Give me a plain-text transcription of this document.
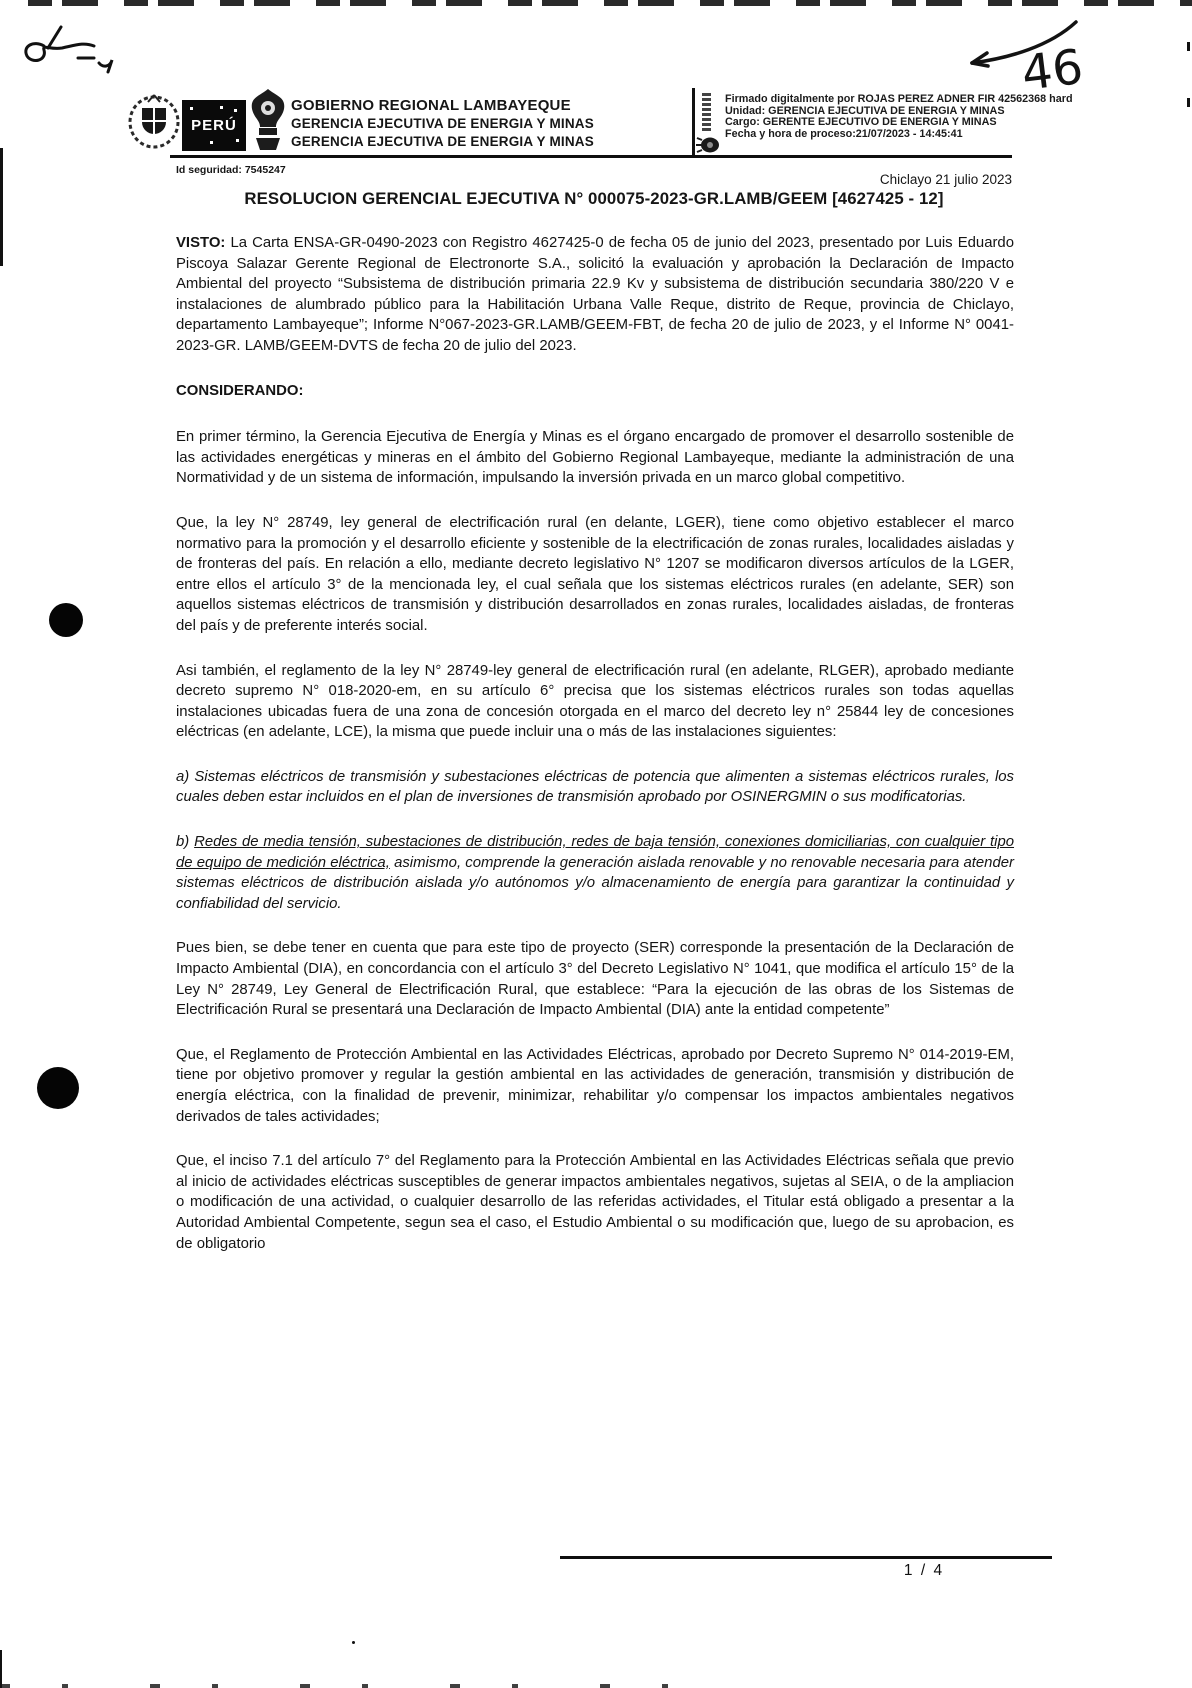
46
PERÚ
GOBIERNO REGIONAL LAMBAYEQUE
GERENCIA EJECUTIVA DE ENERGIA Y MINAS
GERENCIA EJECUTIVA DE ENERGIA Y MINAS
Firmado digitalmente por ROJAS PEREZ ADNER FIR 42562368 hard
Unidad: GERENCIA EJECUTIVA DE ENERGIA Y MINAS
Cargo: GERENTE EJECUTIVO DE ENERGIA Y MINAS
Fecha y hora de proceso:21/07/2023 - 14:45:41
Id seguridad: 7545247
Chiclayo 21 julio 2023
RESOLUCION GERENCIAL EJECUTIVA N° 000075-2023-GR.LAMB/GEEM [4627425 - 12]

VISTO: La Carta ENSA-GR-0490-2023 con Registro 4627425-0 de fecha 05 de junio del 2023, presentado por Luis Eduardo Piscoya Salazar Gerente Regional de Electronorte S.A., solicitó la evaluación y aprobación la Declaración de Impacto Ambiental del proyecto “Subsistema de distribución primaria 22.9 Kv y subsistema de distribución secundaria 380/220 V e instalaciones de alumbrado público para la Habilitación Urbana Valle Reque, distrito de Reque, provincia de Chiclayo, departamento Lambayeque”; Informe N°067-2023-GR.LAMB/GEEM-FBT, de fecha 20 de julio de 2023, y el Informe N° 0041-2023-GR. LAMB/GEEM-DVTS de fecha 20 de julio del 2023.

CONSIDERANDO:

En primer término, la Gerencia Ejecutiva de Energía y Minas es el órgano encargado de promover el desarrollo sostenible de las actividades energéticas y mineras en el ámbito del Gobierno Regional Lambayeque, mediante la administración de una Normatividad y de un sistema de información, impulsando la inversión privada en un marco global competitivo.

Que, la ley N° 28749, ley general de electrificación rural (en delante, LGER), tiene como objetivo establecer el marco normativo para la promoción y el desarrollo eficiente y sostenible de la electrificación de zonas rurales, localidades aisladas y de fronteras del país. En relación a ello, mediante decreto legislativo N° 1207 se modificaron diversos artículos de la LGER, entre ellos el artículo 3° de la mencionada ley, el cual señala que los sistemas eléctricos rurales (en adelante, SER) son aquellos sistemas eléctricos de transmisión y distribución desarrollados en zonas rurales, localidades aisladas, de fronteras del país y de preferente interés social.

Asi también, el reglamento de la ley N° 28749-ley general de electrificación rural (en adelante, RLGER), aprobado mediante decreto supremo N° 018-2020-em, en su artículo 6° precisa que los sistemas eléctricos rurales son todas aquellas instalaciones ubicadas fuera de una zona de concesión otorgada en el marco del decreto ley n° 25844 ley de concesiones eléctricas (en adelante, LCE), la misma que puede incluir una o más de las instalaciones siguientes:

a) Sistemas eléctricos de transmisión y subestaciones eléctricas de potencia que alimenten a sistemas eléctricos rurales, los cuales deben estar incluidos en el plan de inversiones de transmisión aprobado por OSINERGMIN o sus modificatorias.

b) Redes de media tensión, subestaciones de distribución, redes de baja tensión, conexiones domiciliarias, con cualquier tipo de equipo de medición eléctrica, asimismo, comprende la generación aislada renovable y no renovable necesaria para atender sistemas eléctricos de distribución aislada y/o autónomos y/o almacenamiento de energía para garantizar la continuidad y confiabilidad del servicio.

Pues bien, se debe tener en cuenta que para este tipo de proyecto (SER) corresponde la presentación de la Declaración de Impacto Ambiental (DIA), en concordancia con el artículo 3° del Decreto Legislativo N° 1041, que modifica el artículo 15° de la Ley N° 28749, Ley General de Electrificación Rural, que establece: “Para la ejecución de las obras de los Sistemas de Electrificación Rural se presentará una Declaración de Impacto Ambiental (DIA) ante la entidad competente”

Que, el Reglamento de Protección Ambiental en las Actividades Eléctricas, aprobado por Decreto Supremo N° 014-2019-EM, tiene por objetivo promover y regular la gestión ambiental en las actividades de generación, transmisión y distribución de energía eléctrica, con la finalidad de prevenir, minimizar, rehabilitar y/o compensar los impactos ambientales negativos derivados de tales actividades;

Que, el inciso 7.1 del artículo 7° del Reglamento para la Protección Ambiental en las Actividades Eléctricas señala que previo al inicio de actividades eléctricas susceptibles de generar impactos ambientales negativos, sujetas al SEIA, o de la ampliacion o modificación de una actividad, o cualquier desarrollo de las referidas actividades, el Titular está obligado a presentar a la Autoridad Ambiental Competente, segun sea el caso, el Estudio Ambiental o su modificación que, luego de su aprobacion, es de obligatorio

1 / 4
